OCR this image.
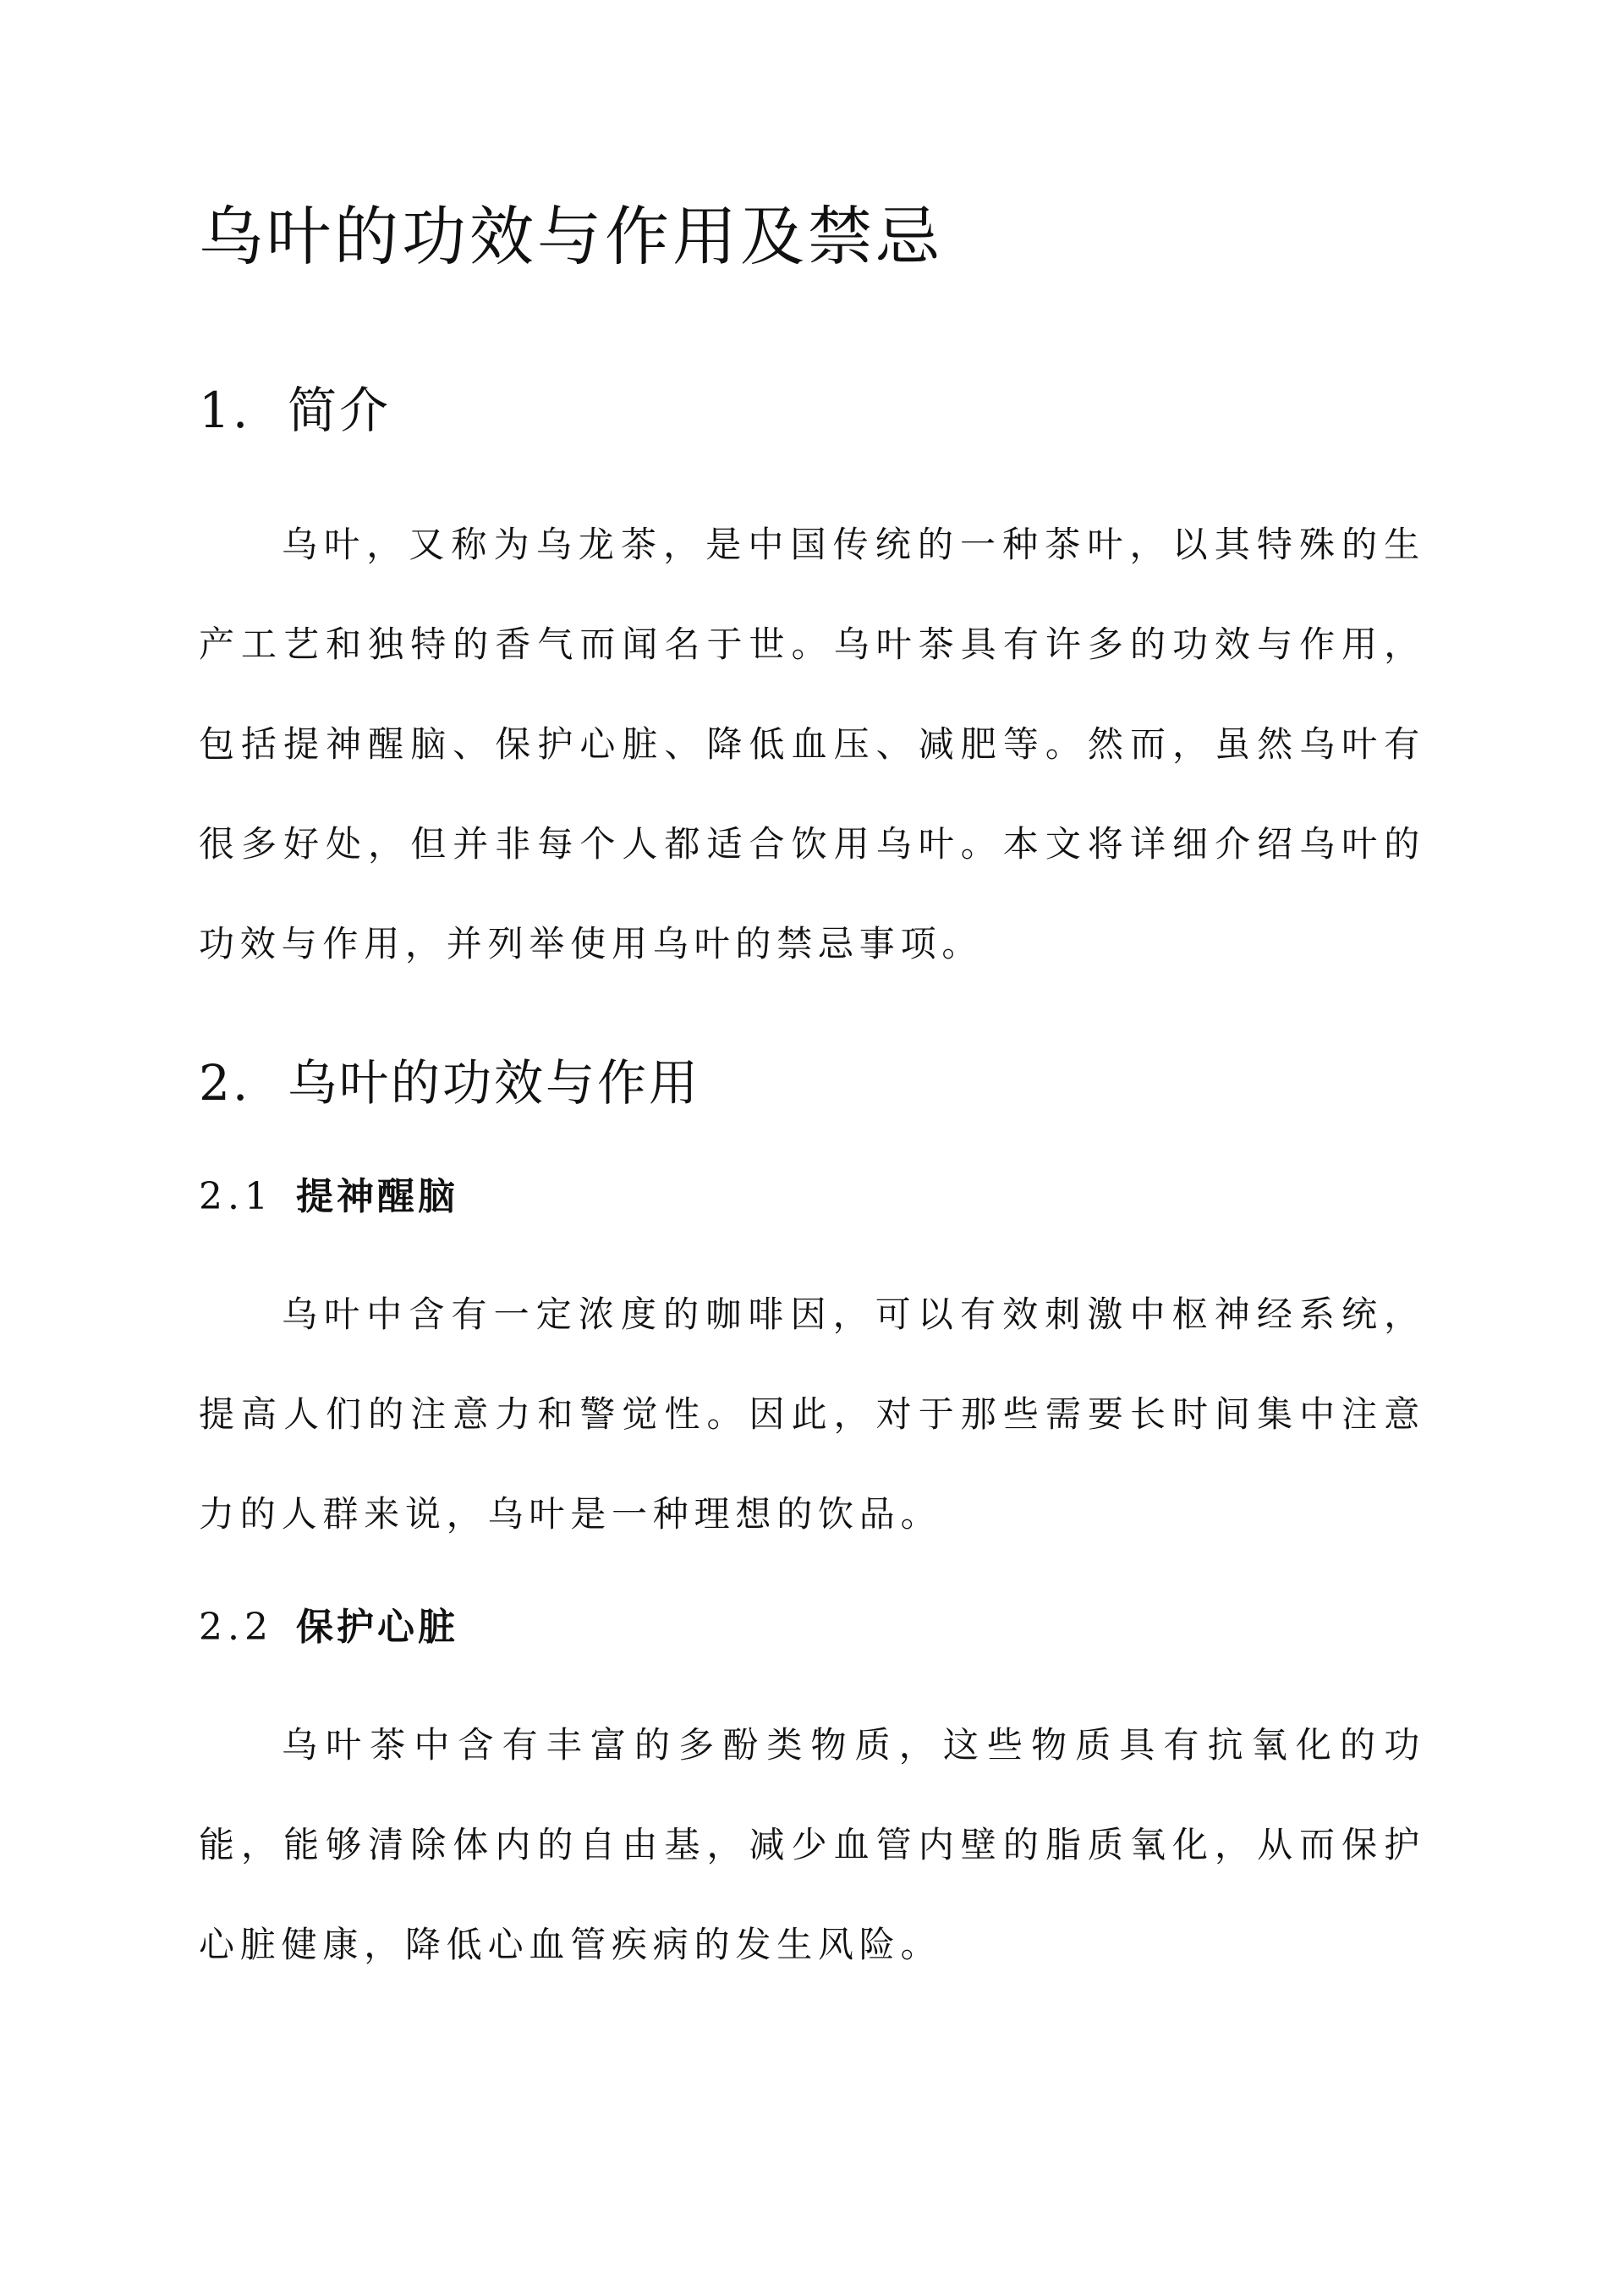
乌叶的功效与作用及禁忌
1. 简介

乌叶，又称为乌龙茶，是中国传统的一种茶叶，以其特殊的生产工艺和独特的香气而闻名于世。乌叶茶具有许多的功效与作用，包括提神醒脑、保护心脏、降低血压、减肥等。然而，虽然乌叶有很多好处，但并非每个人都适合饮用乌叶。本文将详细介绍乌叶的功效与作用，并列举使用乌叶的禁忌事项。

2. 乌叶的功效与作用
2.1 提神醒脑

乌叶中含有一定浓度的咖啡因，可以有效刺激中枢神经系统，提高人们的注意力和警觉性。因此，对于那些需要长时间集中注意力的人群来说，乌叶是一种理想的饮品。

2.2 保护心脏

乌叶茶中含有丰富的多酚类物质，这些物质具有抗氧化的功能，能够清除体内的自由基，减少血管内壁的脂质氧化，从而保护心脏健康，降低心血管疾病的发生风险。
